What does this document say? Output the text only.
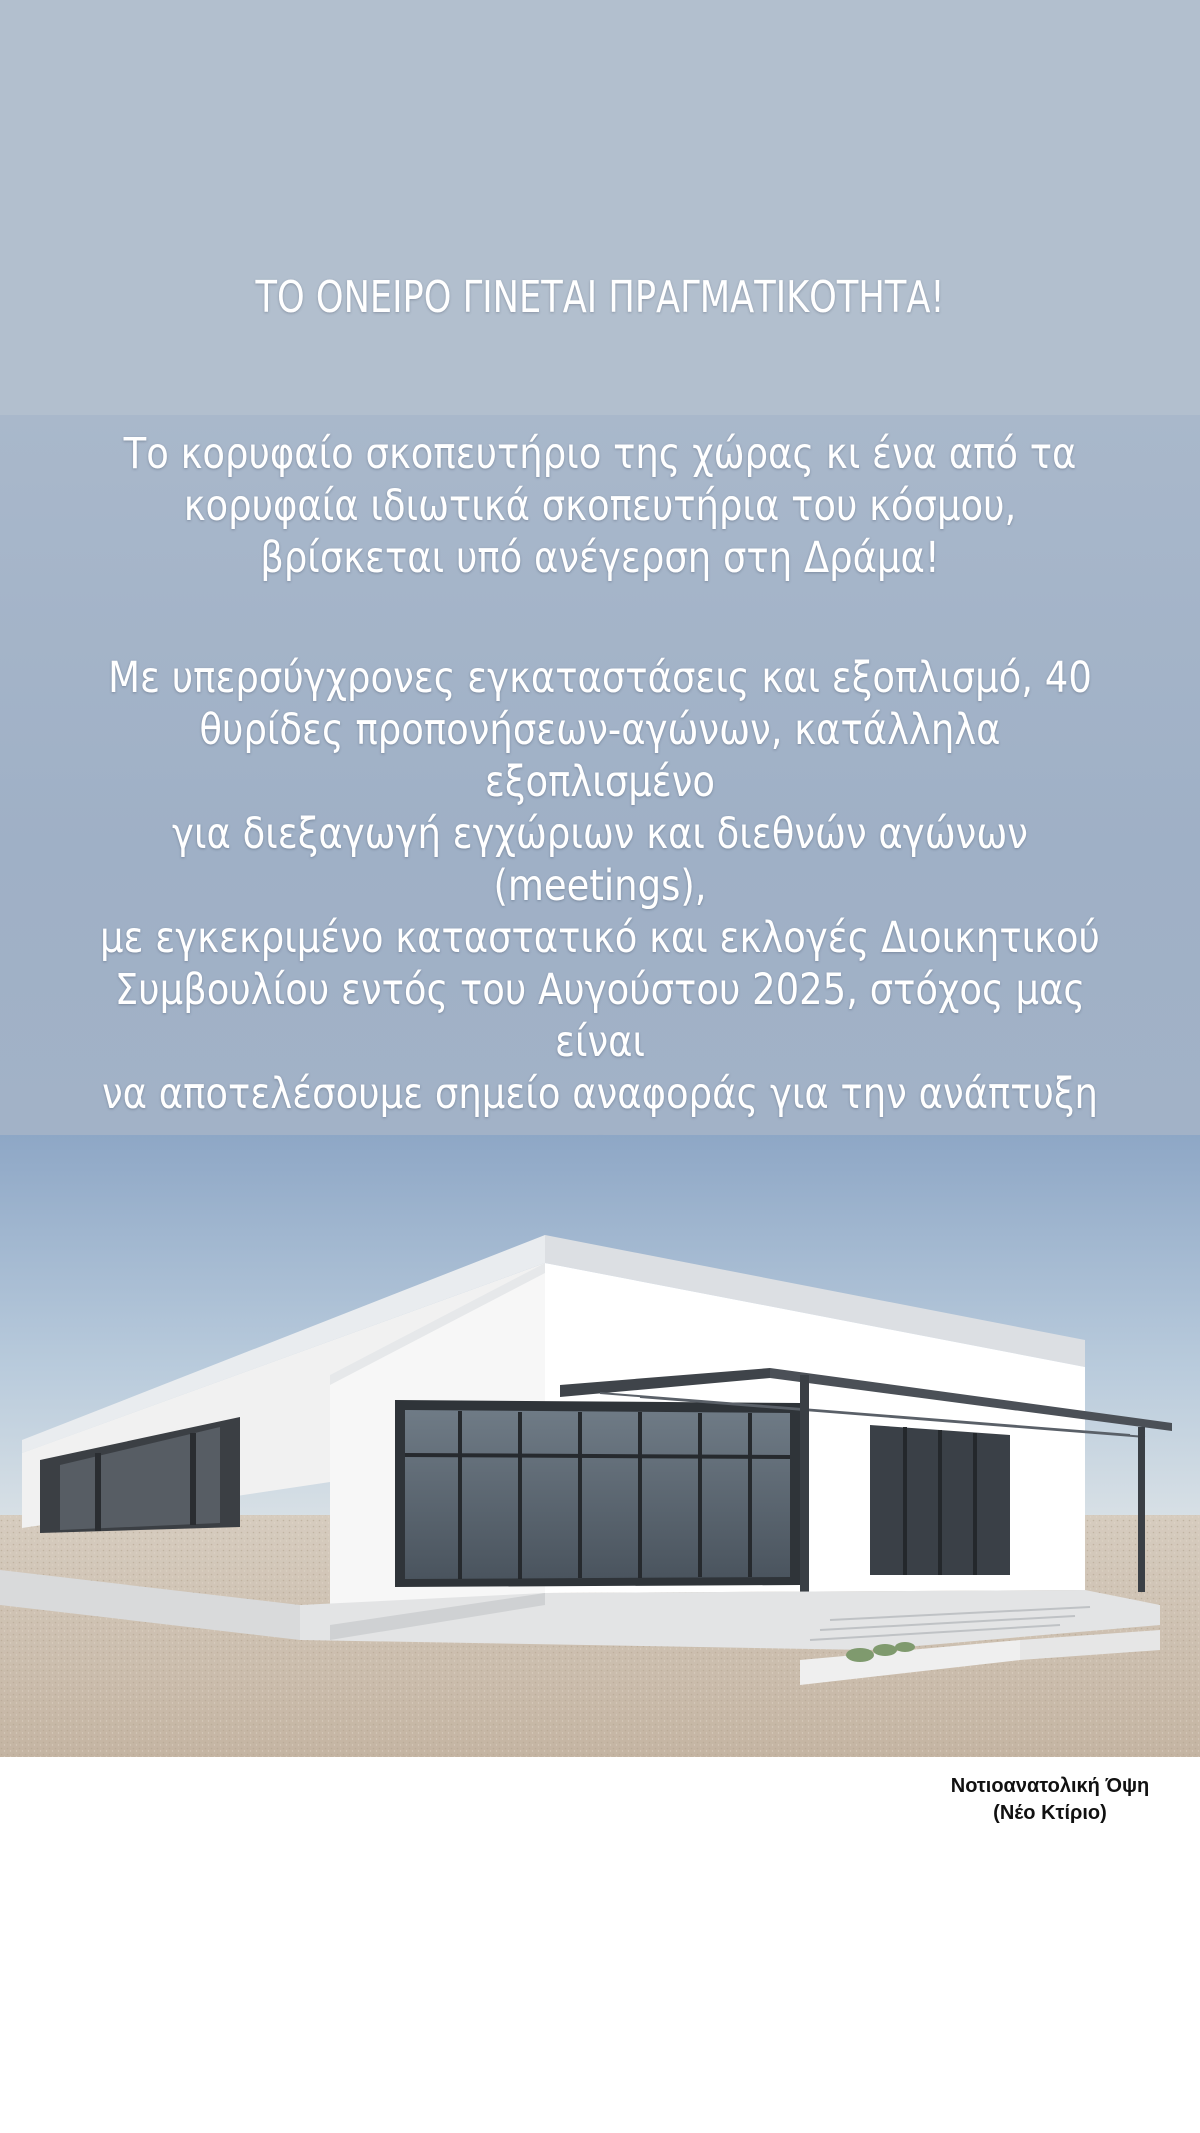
ΤΟ ΟΝΕΙΡΟ ΓΙΝΕΤΑΙ ΠΡΑΓΜΑΤΙΚΟΤΗΤΑ!
Το κορυφαίο σκοπευτήριο της χώρας κι ένα από τα
κορυφαία ιδιωτικά σκοπευτήρια του κόσμου,
βρίσκεται υπό ανέγερση στη Δράμα!
Με υπερσύγχρονες εγκαταστάσεις και εξοπλισμό, 40
θυρίδες προπονήσεων-αγώνων, κατάλληλα εξοπλισμένο
για διεξαγωγή εγχώριων και διεθνών αγώνων (meetings),
με εγκεκριμένο καταστατικό και εκλογές Διοικητικού
Συμβουλίου εντός του Αυγούστου 2025, στόχος μας είναι
να αποτελέσουμε σημείο αναφοράς για την ανάπτυξη
Νοτιοανατολική Όψη
(Νέο Κτίριο)
